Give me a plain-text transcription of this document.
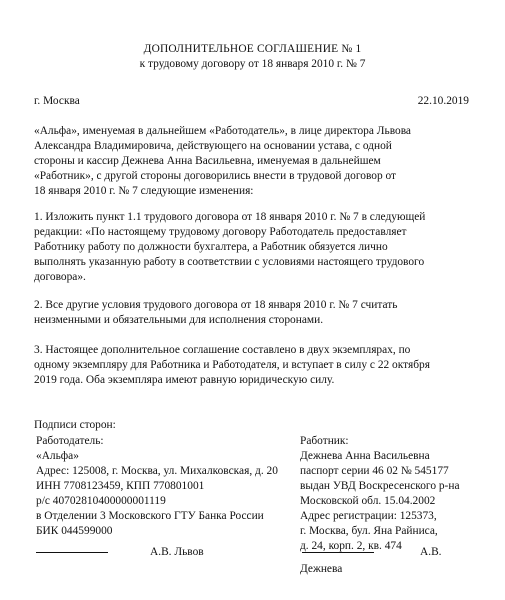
ДОПОЛНИТЕЛЬНОЕ СОГЛАШЕНИЕ № 1
к трудовому договору от 18 января 2010 г. № 7
г. Москва	22.10.2019
«Альфа», именуемая в дальнейшем «Работодатель», в лице директора Львова
Александра Владимировича, действующего на основании устава, с одной
стороны и кассир Дежнева Анна Васильевна, именуемая в дальнейшем
«Работник», с другой стороны договорились внести в трудовой договор от
18 января 2010 г. № 7 следующие изменения:
1. Изложить пункт 1.1 трудового договора от 18 января 2010 г. № 7 в следующей
редакции: «По настоящему трудовому договору Работодатель предоставляет
Работнику работу по должности бухгалтера, а Работник обязуется лично
выполнять указанную работу в соответствии с условиями настоящего трудового
договора».
2. Все другие условия трудового договора от 18 января 2010 г. № 7 считать
неизменными и обязательными для исполнения сторонами.
3. Настоящее дополнительное соглашение составлено в двух экземплярах, по
одному экземпляру для Работника и Работодателя, и вступает в силу с 22 октября
2019 года. Оба экземпляра имеют равную юридическую силу.
Подписи сторон:
Работодатель:
«Альфа»
Адрес: 125008, г. Москва, ул. Михалковская, д. 20
ИНН 7708123459, КПП 770801001
р/с 40702810400000001119
в Отделении 3 Московского ГТУ Банка России
БИК 044599000
Работник:
Дежнева Анна Васильевна
паспорт серии 46 02 № 545177
выдан УВД Воскресенского р-на
Московской обл. 15.04.2002
Адрес регистрации: 125373,
г. Москва, бул. Яна Райниса,
д. 24, корп. 2, кв. 474
А.В. Львов	А.В.
Дежнева
